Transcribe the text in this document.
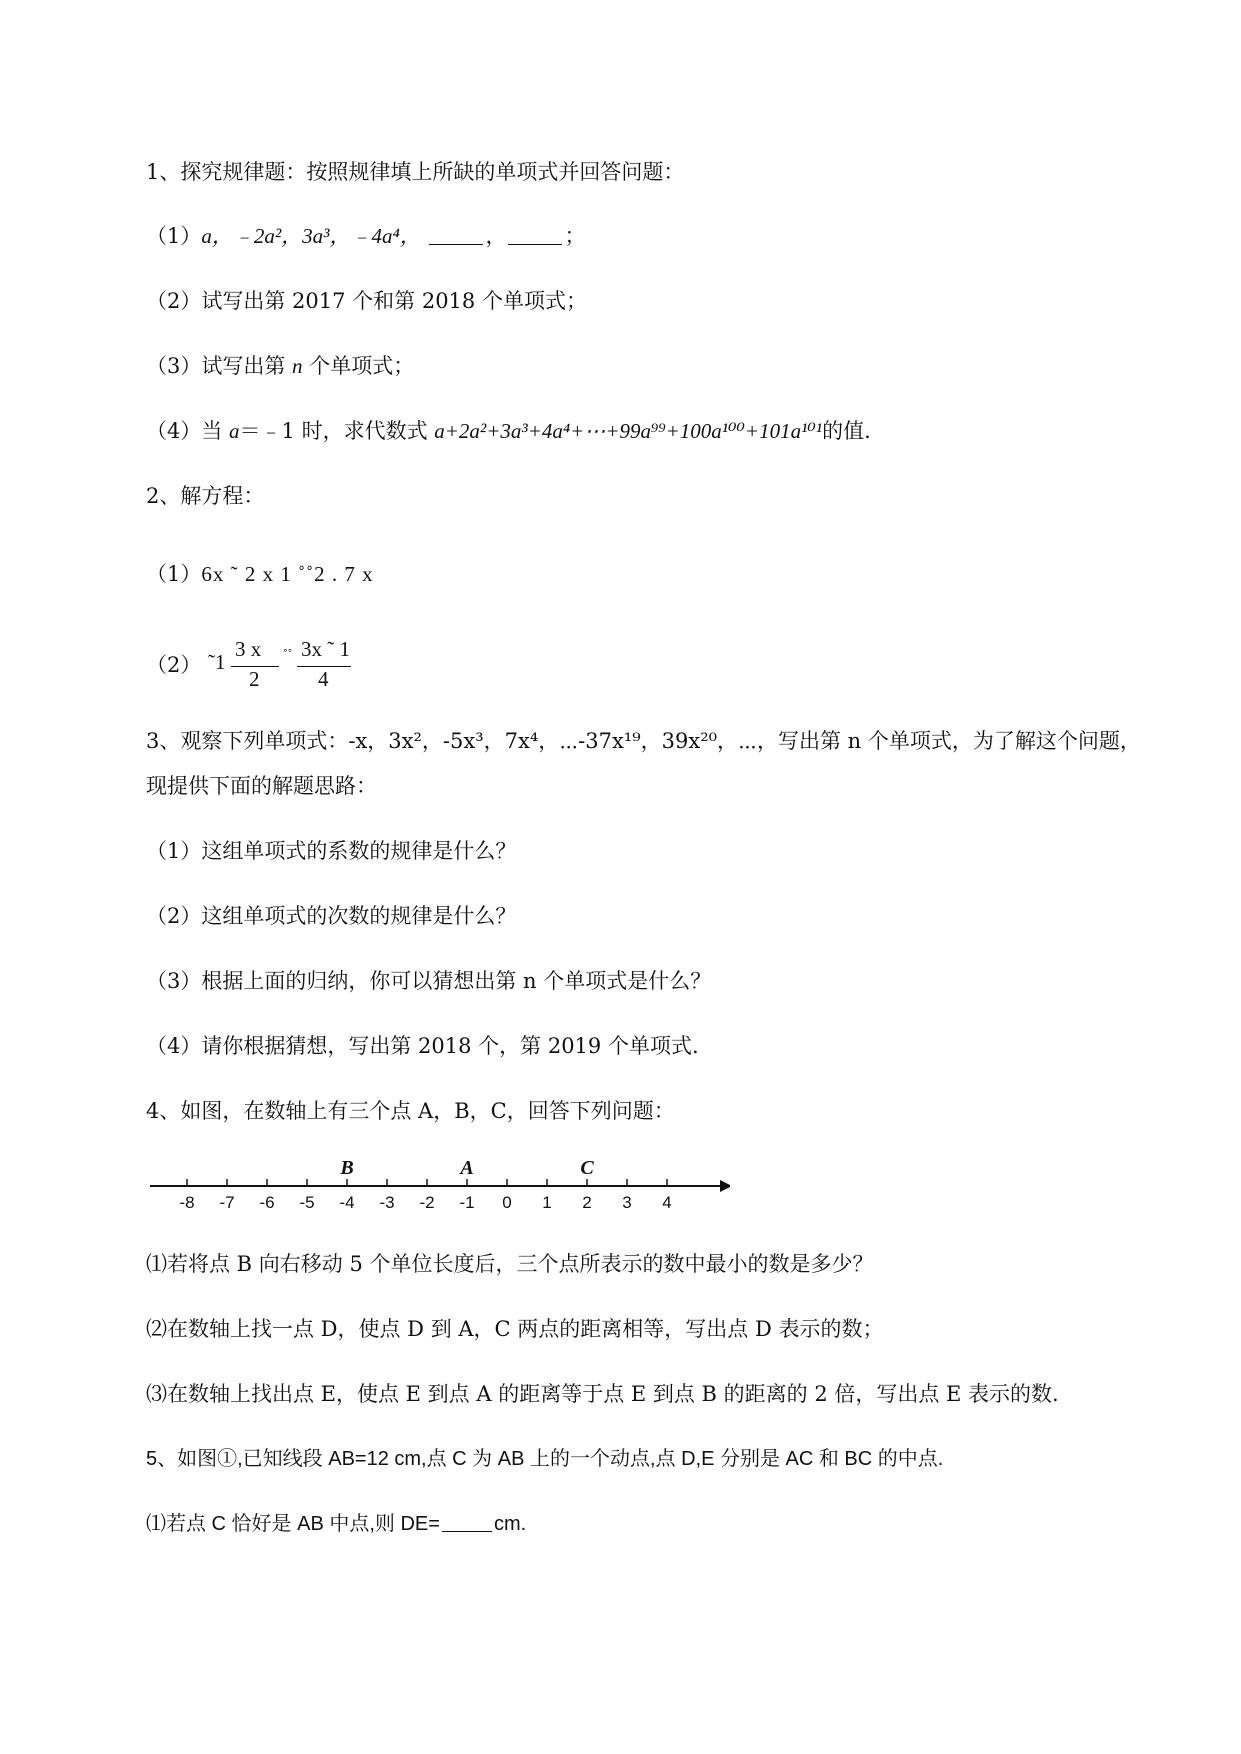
1、探究规律题：按照规律填上所缺的单项式并回答问题：
（1）a，﹣2a²，3a³，﹣4a⁴，	，	；
（2）试写出第 2017 个和第 2018 个单项式；
（3）试写出第 n 个单项式；
（4）当 a＝﹣1 时，求代数式 a+2a²+3a³+4a⁴+⋯+99a⁹⁹+100a¹⁰⁰+101a¹⁰¹的值.
2、解方程：
（1）6x ˜ 2 x 1 ˚˚2 . 7 x
（2） ˜1
3 x
2
˚˚ 3x ˜ 1
4
3、观察下列单项式：-x，3x²，-5x³，7x⁴，⋯-37x¹⁹，39x²⁰，⋯，写出第 n 个单项式，为了解这个问题，
现提供下面的解题思路：
（1）这组单项式的系数的规律是什么？
（2）这组单项式的次数的规律是什么？
（3）根据上面的归纳，你可以猜想出第 n 个单项式是什么？
（4）请你根据猜想，写出第 2018 个，第 2019 个单项式.
4、如图，在数轴上有三个点 A，B，C，回答下列问题：
-8 -7 -6 -5 -4 -3 -2 -1 0 1 2 3 4
B	A	C
⑴若将点 B 向右移动 5 个单位长度后，三个点所表示的数中最小的数是多少？
⑵在数轴上找一点 D，使点 D 到 A，C 两点的距离相等，写出点 D 表示的数；
⑶在数轴上找出点 E，使点 E 到点 A 的距离等于点 E 到点 B 的距离的 2 倍，写出点 E 表示的数.
5、如图①,已知线段 AB=12 cm,点 C 为 AB 上的一个动点,点 D,E 分别是 AC 和 BC 的中点.
⑴若点 C 恰好是 AB 中点,则 DE=	cm.
